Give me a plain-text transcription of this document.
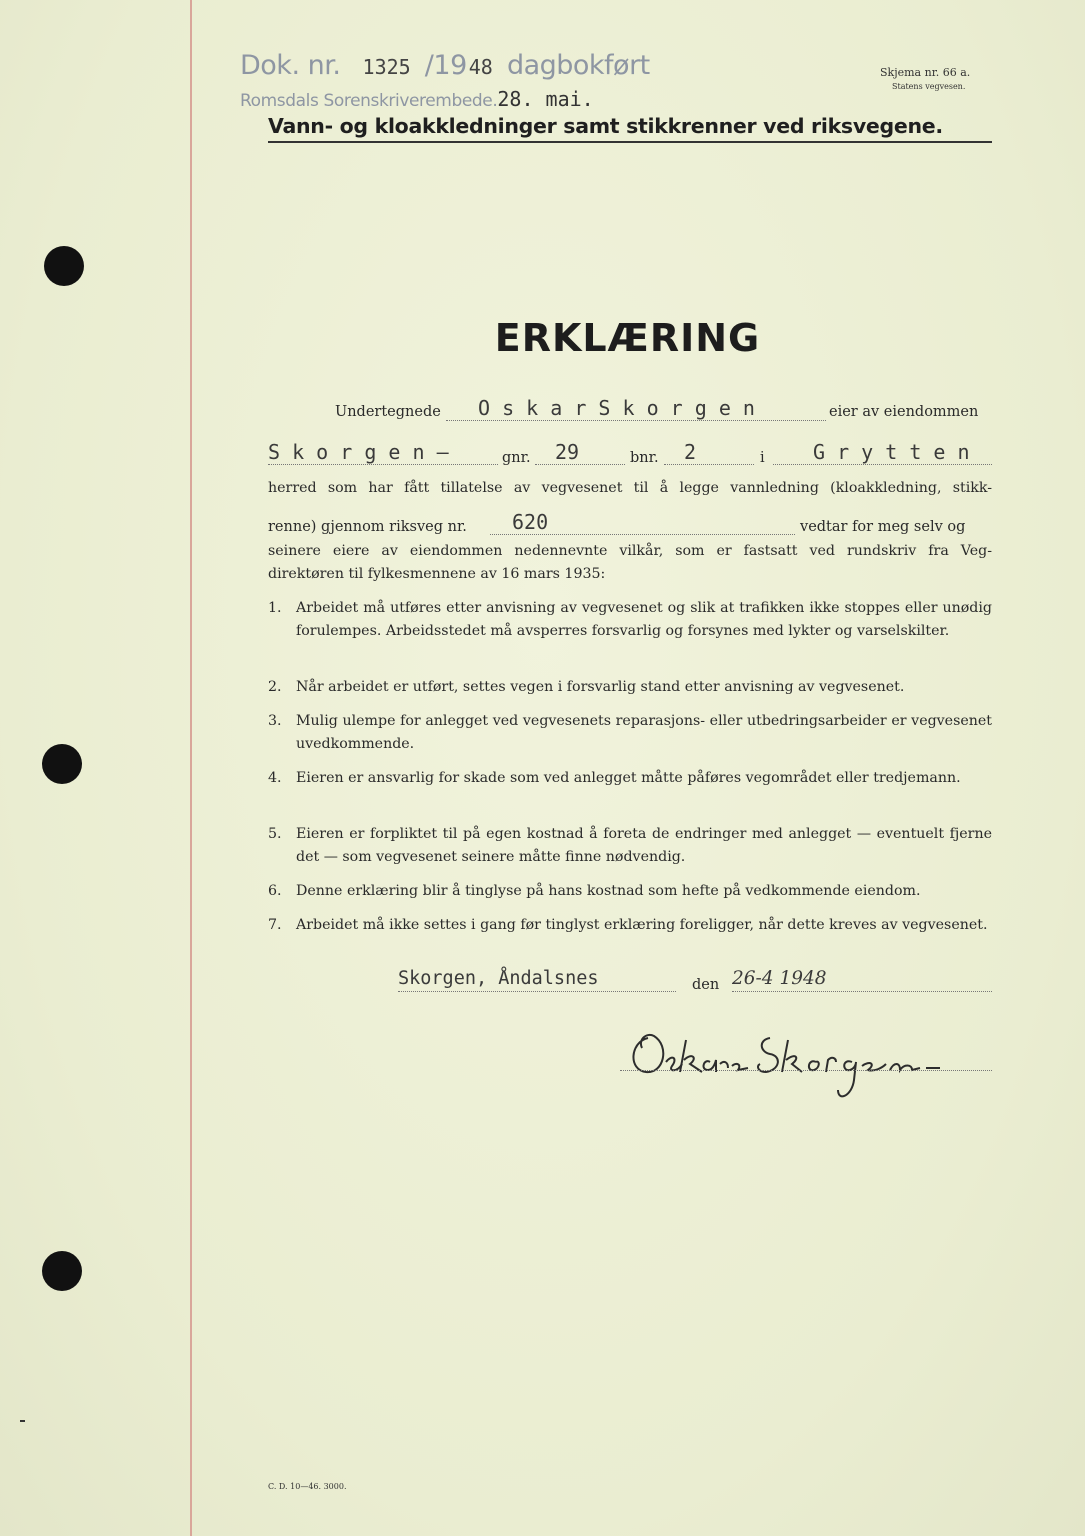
Dok. nr. 1325 /19 48 dagbokført
Romsdals Sorenskriverembede.28. mai.
Skjema nr. 66 a.
Statens vegvesen.
Vann- og kloakkledninger samt stikkrenner ved riksvegene.
ERKLÆRING
Undertegnede	O s k a r S k o r g e n	eier av eiendommen
S k o r g e n –	gnr.	29	bnr.	2	i	G r y t t e n
herred som har fått tillatelse av vegvesenet til å legge vannledning (kloakkledning, stikk-
renne) gjennom riksveg nr.	620	vedtar for meg selv og
seinere eiere av eiendommen nedennevnte vilkår, som er fastsatt ved rundskriv fra Veg-
direktøren til fylkesmennene av 16 mars 1935:
1. Arbeidet må utføres etter anvisning av vegvesenet og slik at trafikken ikke stoppes eller unødig forulempes. Arbeidsstedet må avsperres forsvarlig og forsynes med lykter og varselskilter.
2. Når arbeidet er utført, settes vegen i forsvarlig stand etter anvisning av vegvesenet.
3. Mulig ulempe for anlegget ved vegvesenets reparasjons- eller utbedringsarbeider er vegvesenet uvedkommende.
4. Eieren er ansvarlig for skade som ved anlegget måtte påføres vegområdet eller tredjemann.
5. Eieren er forpliktet til på egen kostnad å foreta de endringer med anlegget — eventuelt fjerne det — som vegvesenet seinere måtte finne nødvendig.
6. Denne erklæring blir å tinglyse på hans kostnad som hefte på vedkommende eiendom.
7. Arbeidet må ikke settes i gang før tinglyst erklæring foreligger, når dette kreves av vegvesenet.
Skorgen, Åndalsnes	den 26-4 1948
Oskar Skorgen
C. D. 10—46. 3000.
